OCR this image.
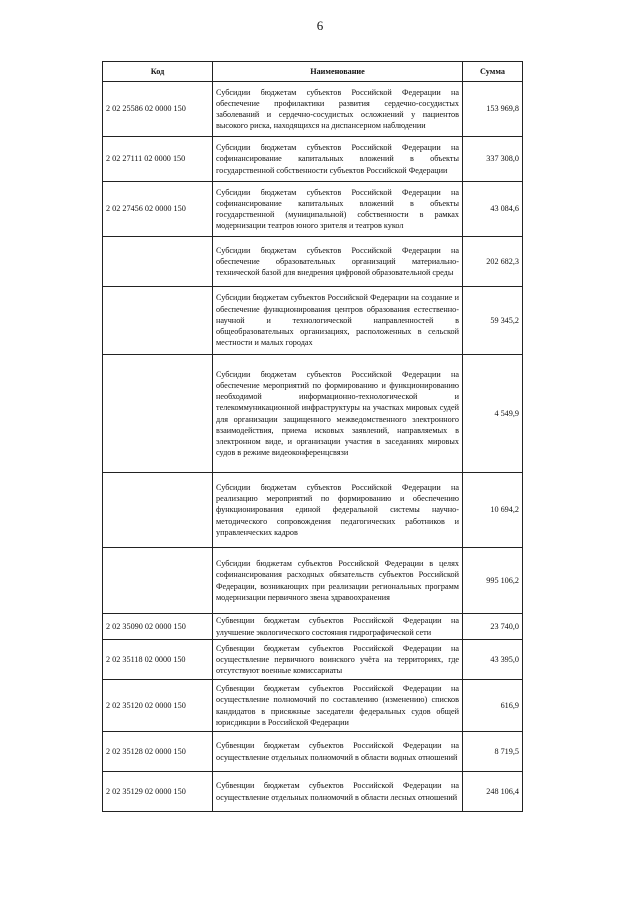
6
Код	Наименование	Сумма
2 02 25586 02 0000 150	Субсидии бюджетам субъектов Российской Федерации на обеспечение профилактики развития сердечно-сосудистых заболеваний и сердечно-сосудистых осложнений у пациентов высокого риска, находящихся на диспансерном наблюдении	153 969,8
2 02 27111 02 0000 150	Субсидии бюджетам субъектов Российской Федерации на софинансирование капитальных вложений в объекты государственной собственности субъектов Российской Федерации	337 308,0
2 02 27456 02 0000 150	Субсидии бюджетам субъектов Российской Федерации на софинансирование капитальных вложений в объекты государственной (муниципальной) собственности в рамках модернизации театров юного зрителя и театров кукол	43 084,6
	Субсидии бюджетам субъектов Российской Федерации на обеспечение образовательных организаций материально-технической базой для внедрения цифровой образовательной среды	202 682,3
	Субсидии бюджетам субъектов Российской Федерации на создание и обеспечение функционирования центров образования естественно-научной и технологической направленностей в общеобразовательных организациях, расположенных в сельской местности и малых городах	59 345,2
	Субсидии бюджетам субъектов Российской Федерации на обеспечение мероприятий по формированию и функционированию необходимой информационно-технологической и телекоммуникационной инфраструктуры на участках мировых судей для организации защищенного межведомственного электронного взаимодействия, приема исковых заявлений, направляемых в электронном виде, и организации участия в заседаниях мировых судов в режиме видеоконференцсвязи	4 549,9
	Субсидии бюджетам субъектов Российской Федерации на реализацию мероприятий по формированию и обеспечению функционирования единой федеральной системы научно-методического сопровождения педагогических работников и управленческих кадров	10 694,2
	Субсидии бюджетам субъектов Российской Федерации в целях софинансирования расходных обязательств субъектов Российской Федерации, возникающих при реализации региональных программ модернизации первичного звена здравоохранения	995 106,2
2 02 35090 02 0000 150	Субвенции бюджетам субъектов Российской Федерации на улучшение экологического состояния гидрографической сети	23 740,0
2 02 35118 02 0000 150	Субвенции бюджетам субъектов Российской Федерации на осуществление первичного воинского учёта на территориях, где отсутствуют военные комиссариаты	43 395,0
2 02 35120 02 0000 150	Субвенции бюджетам субъектов Российской Федерации на осуществление полномочий по составлению (изменению) списков кандидатов в присяжные заседатели федеральных судов общей юрисдикции в Российской Федерации	616,9
2 02 35128 02 0000 150	Субвенции бюджетам субъектов Российской Федерации на осуществление отдельных полномочий в области водных отношений	8 719,5
2 02 35129 02 0000 150	Субвенции бюджетам субъектов Российской Федерации на осуществление отдельных полномочий в области лесных отношений	248 106,4
